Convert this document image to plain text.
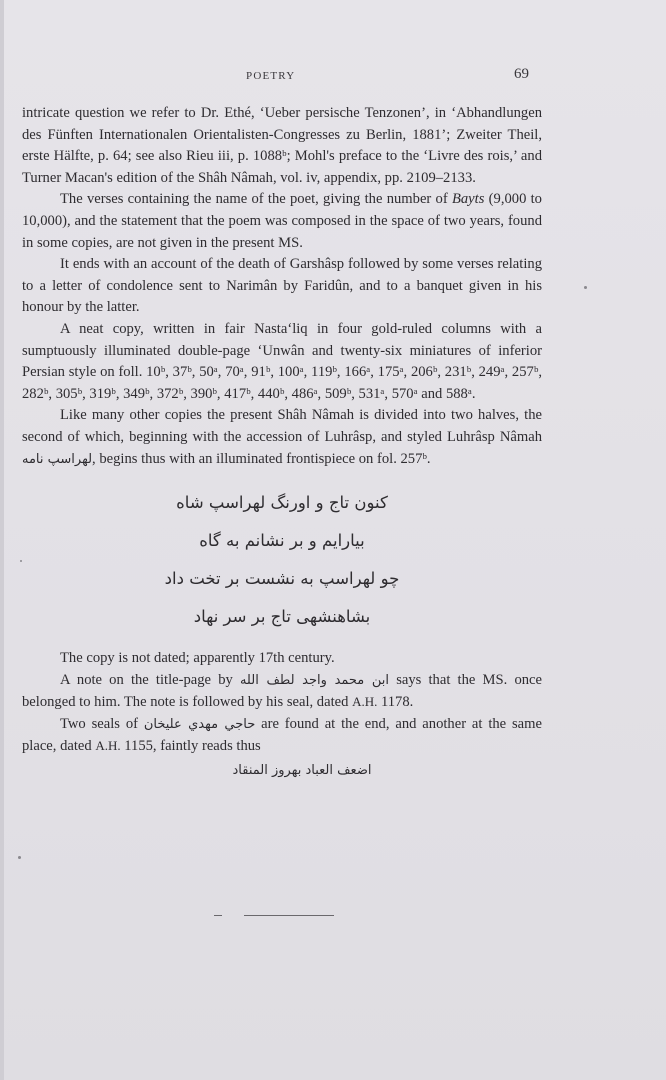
POETRY	69

intricate question we refer to Dr. Ethé, ‘Ueber persische Tenzonen’, in ‘Abhandlungen des Fünften Internationalen Orientalisten-Congresses zu Berlin, 1881’; Zweiter Theil, erste Hälfte, p. 64; see also Rieu iii, p. 1088ᵇ; Mohl's preface to the ‘Livre des rois,’ and Turner Macan's edition of the Shâh Nâmah, vol. iv, appendix, pp. 2109–2133.

The verses containing the name of the poet, giving the number of Bayts (9,000 to 10,000), and the statement that the poem was composed in the space of two years, found in some copies, are not given in the present MS.

It ends with an account of the death of Garshâsp followed by some verses relating to a letter of condolence sent to Narimân by Faridûn, and to a banquet given in his honour by the latter.

A neat copy, written in fair Nasta‘liq in four gold-ruled columns with a sumptuously illuminated double-page ‘Unwân and twenty-six miniatures of inferior Persian style on foll. 10ᵇ, 37ᵇ, 50ᵃ, 70ᵃ, 91ᵇ, 100ᵃ, 119ᵇ, 166ᵃ, 175ᵃ, 206ᵇ, 231ᵇ, 249ᵃ, 257ᵇ, 282ᵇ, 305ᵇ, 319ᵇ, 349ᵇ, 372ᵇ, 390ᵇ, 417ᵇ, 440ᵇ, 486ᵃ, 509ᵇ, 531ᵃ, 570ᵃ and 588ᵃ.

Like many other copies the present Shâh Nâmah is divided into two halves, the second of which, beginning with the accession of Luhrâsp, and styled Luhrâsp Nâmah لهراسپ نامه, begins thus with an illuminated frontispiece on fol. 257ᵇ.

کنون تاج و اورنگ لهراسپ شاه
بیارایم و بر نشانم به گاه
چو لهراسپ به نشست بر تخت داد
بشاهنشهی تاج بر سر نهاد

The copy is not dated; apparently 17th century.

A note on the title-page by ابن محمد واجد لطف الله says that the MS. once belonged to him. The note is followed by his seal, dated A.H. 1178.

Two seals of حاجي مهدي عليخان are found at the end, and another at the same place, dated A.H. 1155, faintly reads thus

اضعف العباد بهروز المنقاد
